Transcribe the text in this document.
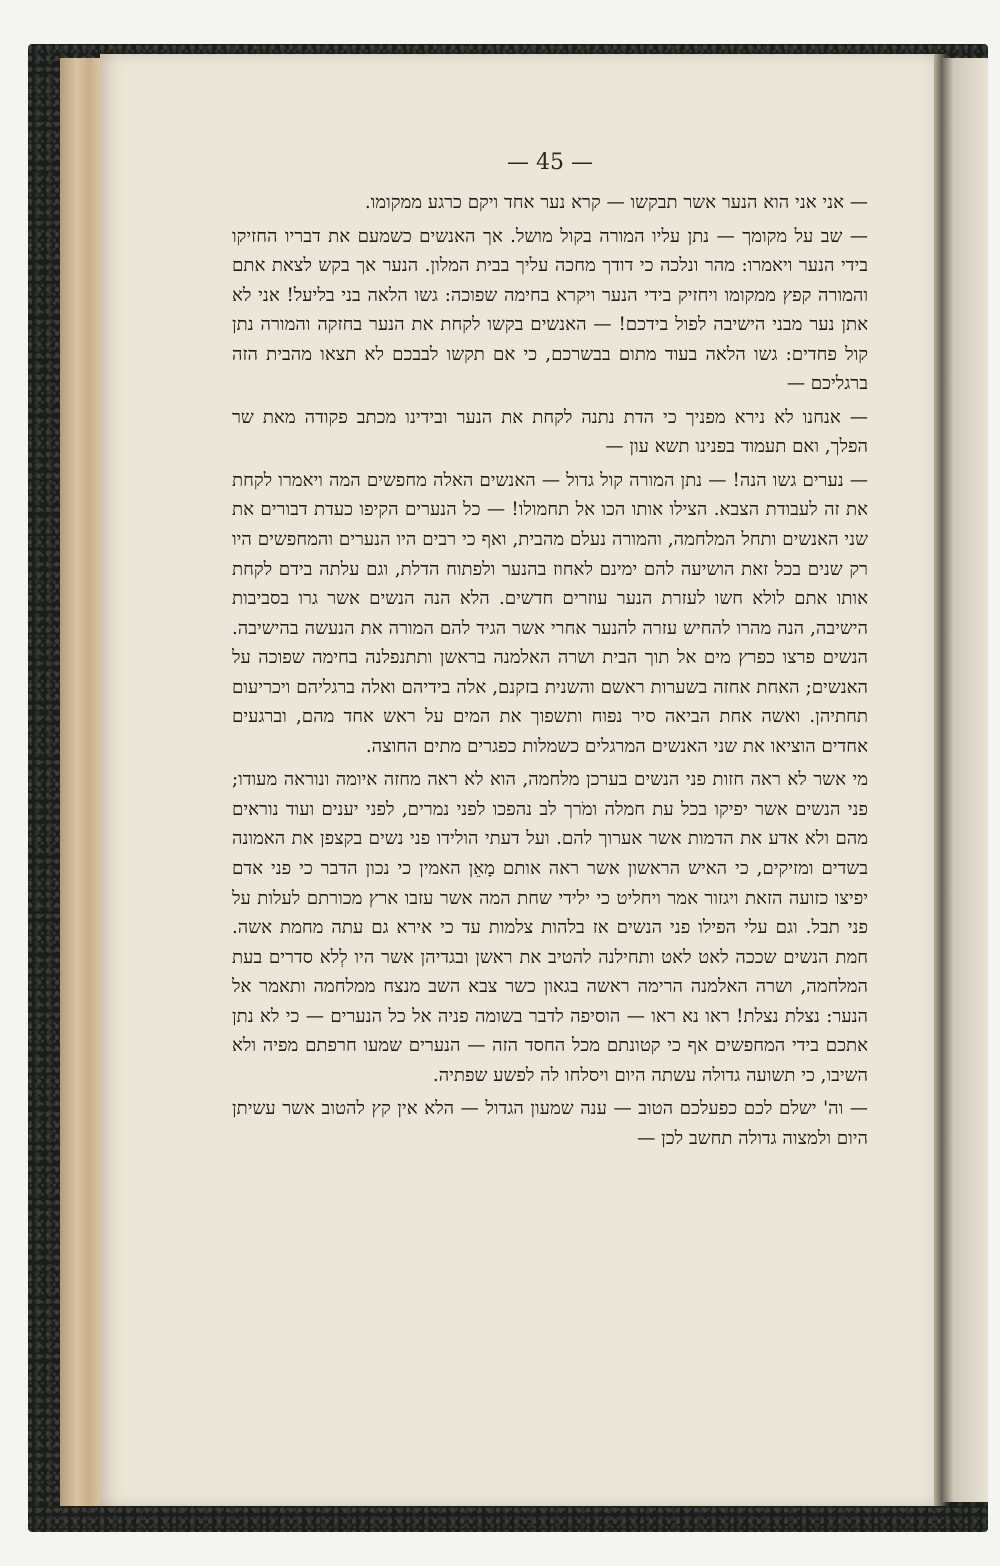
— 45 —

— אני אני הוא הנער אשר תבקשו — קרא נער אחד ויקם כרגע ממקומו.

— שב על מקומך — נתן עליו המורה בקול מושל. אך האנשים כשמעם את דבריו החזיקו בידי הנער ויאמרו: מהר ונלכה כי דודך מחכה עליך בבית המלון. הנער אך בקש לצאת אתם והמורה קפץ ממקומו ויחזיק בידי הנער ויקרא בחימה שפוכה: גשו הלאה בני בליעל! אני לא אתן נער מבני הישיבה לפול בידכם! — האנשים בקשו לקחת את הנער בחזקה והמורה נתן קול פחדים: גשו הלאה בעוד מתום בבשרכם, כי אם תקשו לבבכם לא תצאו מהבית הזה ברגליכם —

— אנחנו לא נירא מפניך כי הדת נתנה לקחת את הנער ובידינו מכתב פקודה מאת שר הפלך, ואם תעמוד בפנינו תשא עון —

— נערים גשו הנה! — נתן המורה קול גדול — האנשים האלה מחפשים המה ויאמרו לקחת את זה לעבודת הצבא. הצילו אותו הכו אל תחמולו! — כל הנערים הקיפו כעדת דבורים את שני האנשים ותחל המלחמה, והמורה נעלם מהבית, ואף כי רבים היו הנערים והמחפשים היו רק שנים בכל זאת הושיעה להם ימינם לאחוז בהנער ולפתוח הדלת, וגם עלתה בידם לקחת אותו אתם לולא חשו לעזרת הנער עוזרים חדשים. הלא הנה הנשים אשר גרו בסביבות הישיבה, הנה מהרו להחיש עזרה להנער אחרי אשר הגיד להם המורה את הנעשה בהישיבה. הנשים פרצו כפרץ מים אל תוך הבית ושרה האלמנה בראשן ותתנפלנה בחימה שפוכה על האנשים; האחת אחזה בשערות ראשם והשנית בזקנם, אלה בידיהם ואלה ברגליהם ויכריעום תחתיהן. ואשה אחת הביאה סיר נפוח ותשפוך את המים על ראש אחד מהם, וברגעים אחדים הוציאו את שני האנשים המרגלים כשמלות כפגרים מתים החוצה.

מי אשר לא ראה חזות פני הנשים בערכן מלחמה, הוא לא ראה מחזה איומה ונוראה מעודו; פני הנשים אשר יפיקו בכל עת חמלה ומֹרך לב נהפכו לפני נמרים, לפני יענים ועוד נוראים מהם ולא אדע את הדמות אשר אערוך להם. ועל דעתי הולידו פני נשים בקצפן את האמונה בשדים ומזיקים, כי האיש הראשון אשר ראה אותם מָאֵן האמין כי נכון הדבר כי פני אדם יפיצו כזועה הזאת ויגזור אמר ויחליט כי ילידי שחת המה אשר עזבו ארץ מכורתם לעלות על פני תבל. וגם עלי הפילו פני הנשים אז בלהות צלמות עד כי אירא גם עתה מחמת אשה. חמת הנשים שככה לאט לאט ותחילנה להטיב את ראשן ובגדיהן אשר היו לְלא סדרים בעת המלחמה, ושרה האלמנה הרימה ראשה בגאון כשר צבא השב מנצח ממלחמה ותאמר אל הנער: נצלת נצלת! ראו נא ראו — הוסיפה לדבר בשומה פניה אל כל הנערים — כי לא נתן אתכם בידי המחפשים אף כי קטונתם מכל החסד הזה — הנערים שמעו חרפתם מפיה ולא השיבו, כי תשועה גדולה עשתה היום ויסלחו לה לפשע שפתיה.

— וה' ישלם לכם כפעלכם הטוב — ענה שמעון הגדול — הלא אין קץ להטוב אשר עשיתן היום ולמצוה גדולה תחשב לכן —
